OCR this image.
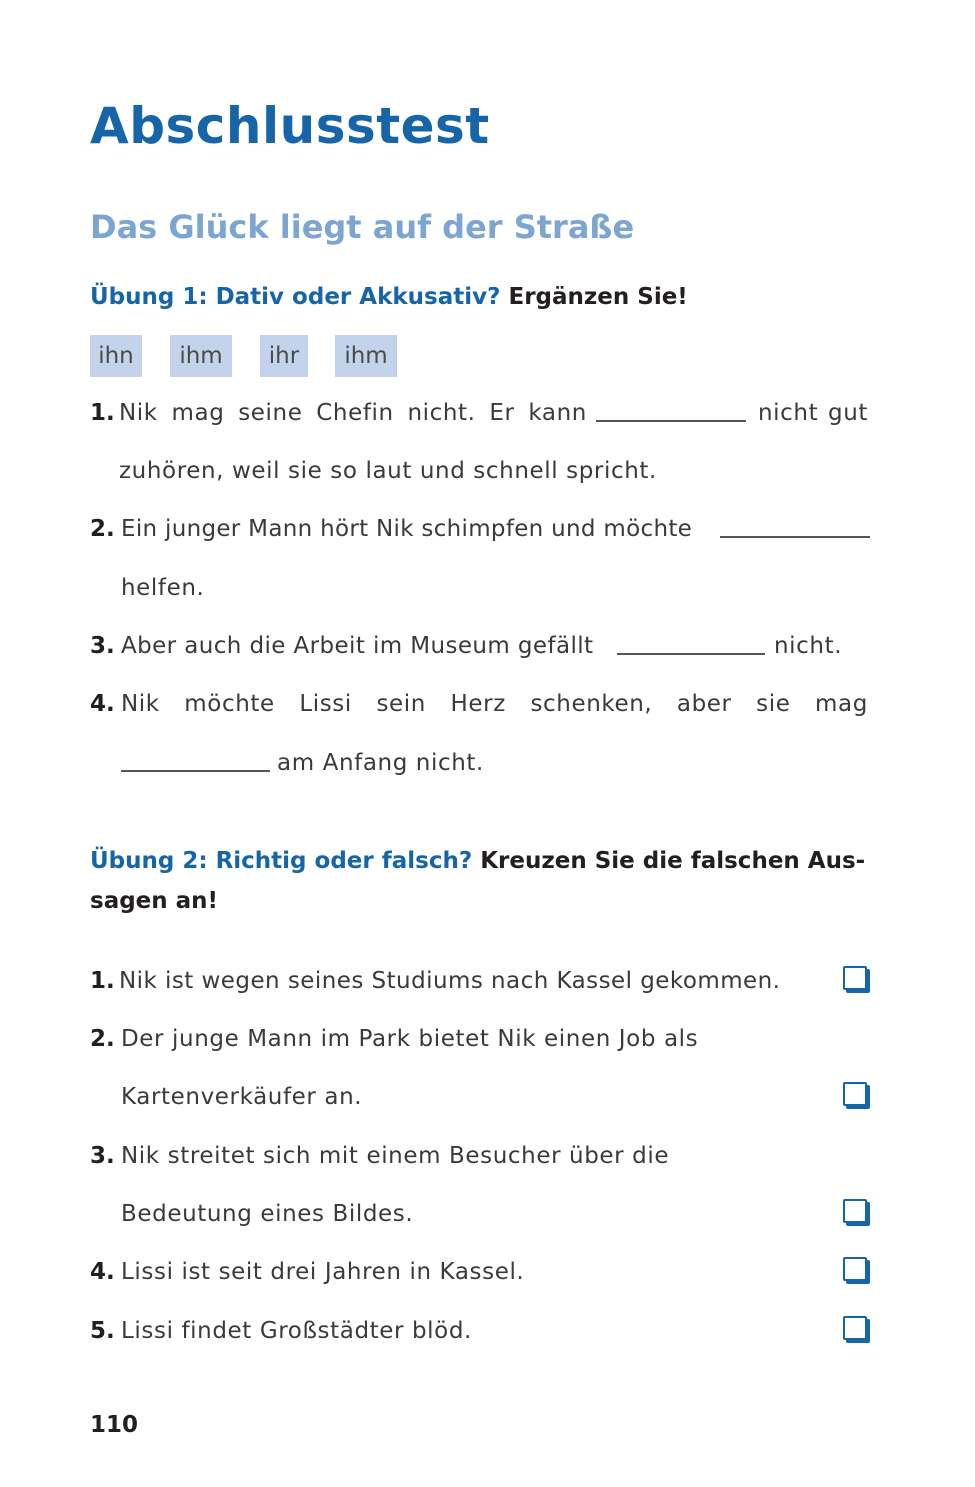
Abschlusstest
Das Glück liegt auf der Straße

Übung 1: Dativ oder Akkusativ? Ergänzen Sie!

ihn	ihm	ihr	ihm
1. Nik mag seine Chefin nicht. Er kann	nicht gut
zuhören, weil sie so laut und schnell spricht.
2. Ein junger Mann hört Nik schimpfen und möchte
helfen.
3. Aber auch die Arbeit im Museum gefällt	nicht.
4. Nik möchte Lissi sein Herz schenken, aber sie mag
am Anfang nicht.

Übung 2: Richtig oder falsch? Kreuzen Sie die falschen Aus-sagen an!

1. Nik ist wegen seines Studiums nach Kassel gekommen.
2. Der junge Mann im Park bietet Nik einen Job als
Kartenverkäufer an.
3. Nik streitet sich mit einem Besucher über die
Bedeutung eines Bildes.
4. Lissi ist seit drei Jahren in Kassel.
5. Lissi findet Großstädter blöd.
110
